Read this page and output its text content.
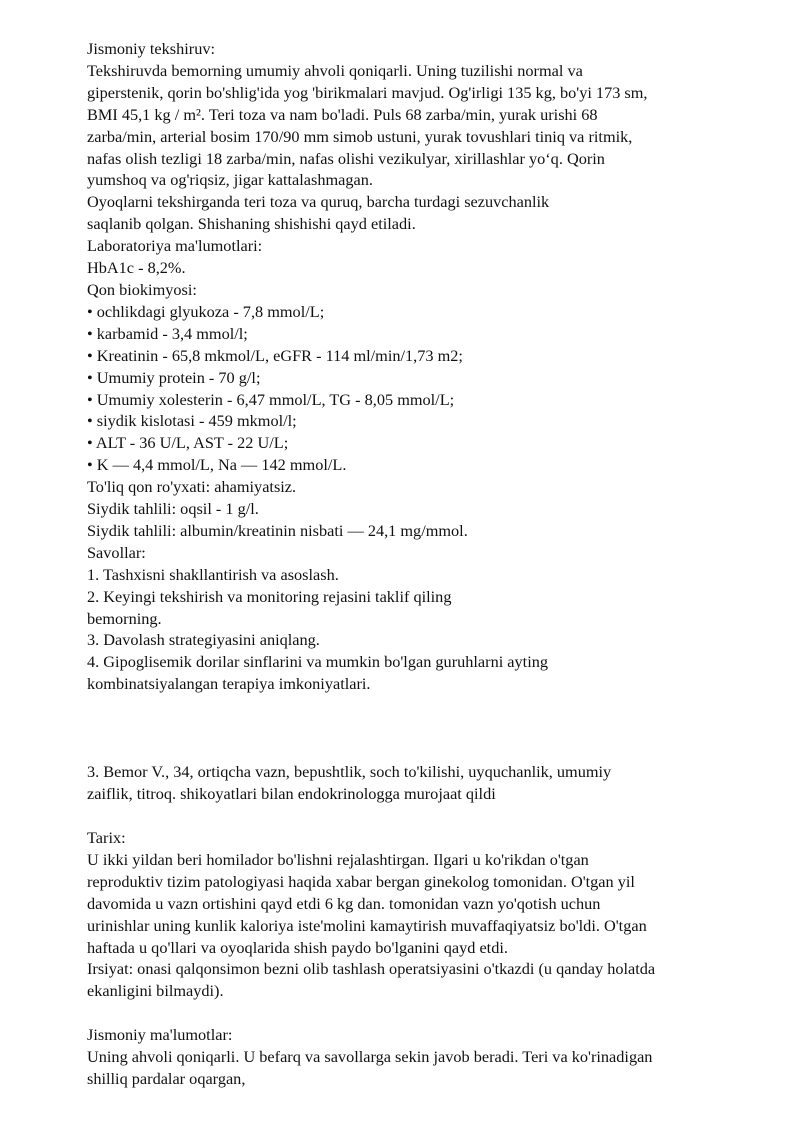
Jismoniy tekshiruv:
Tekshiruvda bemorning umumiy ahvoli qoniqarli. Uning tuzilishi normal va
giperstenik, qorin bo'shlig'ida yog 'birikmalari mavjud. Og'irligi 135 kg, bo'yi 173 sm,
BMI 45,1 kg / m². Teri toza va nam bo'ladi. Puls 68 zarba/min, yurak urishi 68
zarba/min, arterial bosim 170/90 mm simob ustuni, yurak tovushlari tiniq va ritmik,
nafas olish tezligi 18 zarba/min, nafas olishi vezikulyar, xirillashlar yo‘q. Qorin
yumshoq va og'riqsiz, jigar kattalashmagan.
Oyoqlarni tekshirganda teri toza va quruq, barcha turdagi sezuvchanlik
saqlanib qolgan. Shishaning shishishi qayd etiladi.
Laboratoriya ma'lumotlari:
HbA1c - 8,2%.
Qon biokimyosi:
• ochlikdagi glyukoza - 7,8 mmol/L;
• karbamid - 3,4 mmol/l;
• Kreatinin - 65,8 mkmol/L, eGFR - 114 ml/min/1,73 m2;
• Umumiy protein - 70 g/l;
• Umumiy xolesterin - 6,47 mmol/L, TG - 8,05 mmol/L;
• siydik kislotasi - 459 mkmol/l;
• ALT - 36 U/L, AST - 22 U/L;
• K — 4,4 mmol/L, Na — 142 mmol/L.
To'liq qon ro'yxati: ahamiyatsiz.
Siydik tahlili: oqsil - 1 g/l.
Siydik tahlili: albumin/kreatinin nisbati — 24,1 mg/mmol.
Savollar:
1. Tashxisni shakllantirish va asoslash.
2. Keyingi tekshirish va monitoring rejasini taklif qiling
bemorning.
3. Davolash strategiyasini aniqlang.
4. Gipoglisemik dorilar sinflarini va mumkin bo'lgan guruhlarni ayting
kombinatsiyalangan terapiya imkoniyatlari.
3. Bemor V., 34, ortiqcha vazn, bepushtlik, soch to'kilishi, uyquchanlik, umumiy
zaiflik, titroq. shikoyatlari bilan endokrinologga murojaat qildi
Tarix:
U ikki yildan beri homilador bo'lishni rejalashtirgan. Ilgari u ko'rikdan o'tgan
reproduktiv tizim patologiyasi haqida xabar bergan ginekolog tomonidan. O'tgan yil
davomida u vazn ortishini qayd etdi 6 kg dan. tomonidan vazn yo'qotish uchun
urinishlar uning kunlik kaloriya iste'molini kamaytirish muvaffaqiyatsiz bo'ldi. O'tgan
haftada u qo'llari va oyoqlarida shish paydo bo'lganini qayd etdi.
Irsiyat: onasi qalqonsimon bezni olib tashlash operatsiyasini o'tkazdi (u qanday holatda
ekanligini bilmaydi).
Jismoniy ma'lumotlar:
Uning ahvoli qoniqarli. U befarq va savollarga sekin javob beradi. Teri va ko'rinadigan
shilliq pardalar oqargan,
